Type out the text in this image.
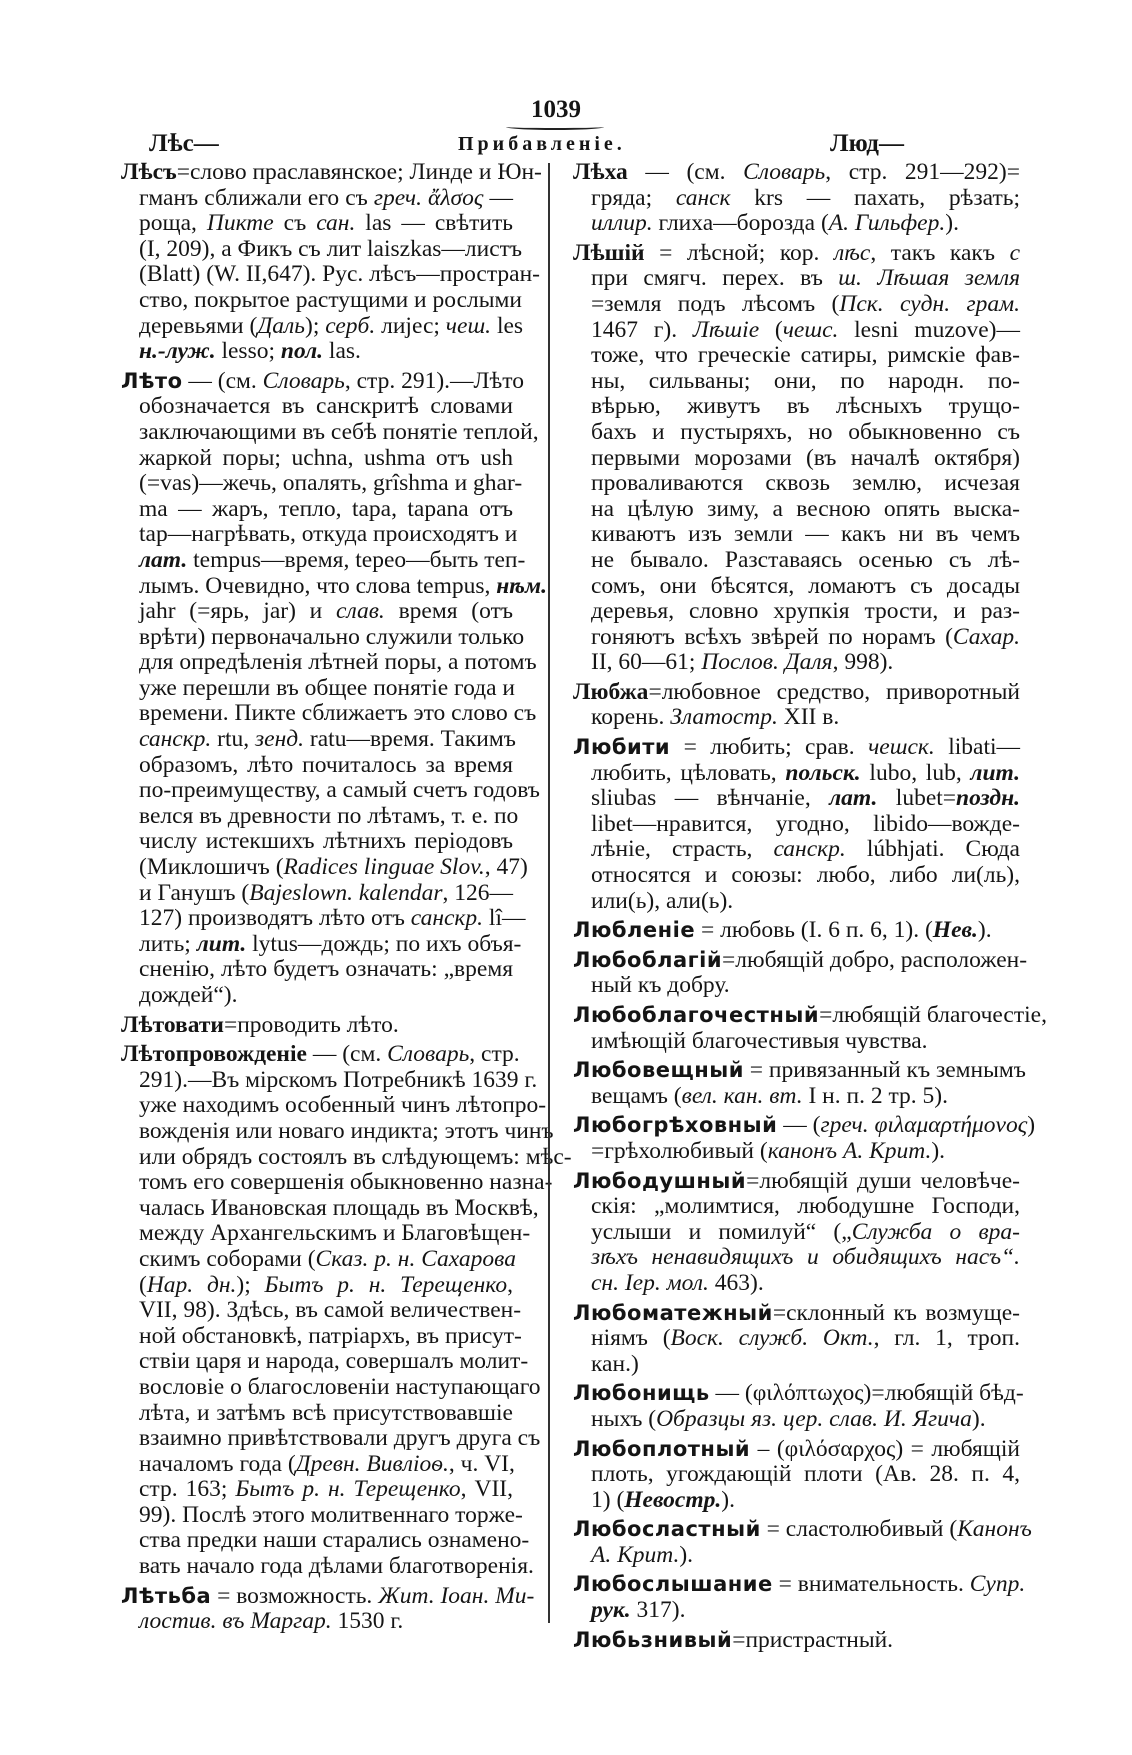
1039
Лѣс—	Прибавленіе.	Люд—
Лѣсъ=слово праславянское; Линде и Юн-
гманъ сближали его съ греч. ἄλσος —
роща, Пикте съ сан. las — свѣтить
(I, 209), а Фикъ съ лит laiszkas—листъ
(Blatt) (W. II,647). Рус. лѣсъ—простран-
ство, покрытое растущими и рослыми
деревьями (Даль); серб. лијес; чеш. les
н.-луж. lesso; пол. las.
Лѣто — (см. Словарь, стр. 291).—Лѣто
обозначается въ санскритѣ словами
заключающими въ себѣ понятіе теплой,
жаркой поры; uchna, ushma отъ ush
(=vas)—жечь, опалять, grîshma и ghar-
ma — жаръ, тепло, tapa, tapana отъ
tap—нагрѣвать, откуда происходятъ и
лат. tempus—время, tepeo—быть теп-
лымъ. Очевидно, что слова tempus, нѣм.
jahr (=ярь, jar) и слав. время (отъ
врѣти) первоначально служили только
для опредѣленія лѣтней поры, а потомъ
уже перешли въ общее понятіе года и
времени. Пикте сближаетъ это слово съ
санскр. rtu, зенд. ratu—время. Такимъ
образомъ, лѣто почиталось за время
по-преимуществу, а самый счетъ годовъ
велся въ древности по лѣтамъ, т. е. по
числу истекшихъ лѣтнихъ періодовъ
(Миклошичъ (Radices linguae Slov., 47)
и Ганушъ (Bajeslown. kalendar, 126—
127) производятъ лѣто отъ санскр. lî—
лить; лит. lytus—дождь; по ихъ объя-
сненію, лѣто будетъ означать: „время
дождей“).
Лѣтовати=проводить лѣто.
Лѣтопровожденіе — (см. Словарь, стр.
291).—Въ мірскомъ Потребникѣ 1639 г.
уже находимъ особенный чинъ лѣтопро-
вожденія или новаго индикта; этотъ чинъ
или обрядъ состоялъ въ слѣдующемъ: мѣс-
томъ его совершенія обыкновенно назна-
чалась Ивановская площадь въ Москвѣ,
между Архангельскимъ и Благовѣщен-
скимъ соборами (Сказ. р. н. Сахарова
(Нар. дн.); Бытъ р. н. Терещенко,
VII, 98). Здѣсь, въ самой величествен-
ной обстановкѣ, патріархъ, въ присут-
ствіи царя и народа, совершалъ молит-
вословіе о благословеніи наступающаго
лѣта, и затѣмъ всѣ присутствовавшіе
взаимно привѣтствовали другъ друга съ
началомъ года (Древн. Вивліоѳ., ч. VI,
стр. 163; Бытъ р. н. Терещенко, VII,
99). Послѣ этого молитвеннаго торже-
ства предки наши старались ознамено-
вать начало года дѣлами благотворенія.
Лѣтьба = возможность. Жит. Іоан. Ми-
лостив. въ Маргар. 1530 г.
Лѣха — (см. Словарь, стр. 291—292)=
гряда; санск krs — пахать, рѣзать;
иллир. глиха—борозда (А. Гильфер.).
Лѣшій = лѣсной; кор. лѣс, такъ какъ с
при смягч. перех. въ ш. Лѣшая земля
=земля подъ лѣсомъ (Пск. судн. грам.
1467 г). Лѣшіе (чешс. lesni muzove)—
тоже, что греческіе сатиры, римскіе фав-
ны, сильваны; они, по народн. по-
вѣрью, живутъ въ лѣсныхъ трущо-
бахъ и пустыряхъ, но обыкновенно съ
первыми морозами (въ началѣ октября)
проваливаются сквозь землю, исчезая
на цѣлую зиму, а весною опять выска-
киваютъ изъ земли — какъ ни въ чемъ
не бывало. Разставаясь осенью съ лѣ-
сомъ, они бѣсятся, ломаютъ съ досады
деревья, словно хрупкія трости, и раз-
гоняютъ всѣхъ звѣрей по норамъ (Сахар.
II, 60—61; Послов. Даля, 998).
Любжа=любовное средство, приворотный
корень. Златостр. XII в.
Любити = любить; срав. чешск. libati—
любить, цѣловать, польск. lubo, lub, лит.
sliubas — вѣнчаніе, лат. lubet=поздн.
libet—нравится, угодно, libido—вожде-
лѣніе, страсть, санскр. lúbhjati. Сюда
относятся и союзы: любо, либо ли(ль),
или(ь), али(ь).
Любленіе = любовь (I. 6 п. 6, 1). (Нев.).
Любоблагій=любящій добро, расположен-
ный къ добру.
Любоблагочестный=любящій благочестіе,
имѣющій благочестивыя чувства.
Любовещный = привязанный къ земнымъ
вещамъ (вел. кан. вт. I н. п. 2 тр. 5).
Любогрѣховный — (греч. φιλαμαρτήμονος)
=грѣхолюбивый (канонъ А. Крит.).
Любодушный=любящій души человѣче-
скія: „молимтися, любодушне Господи,
услыши и помилуй“ („Служба о вра-
зѣхъ ненавидящихъ и обидящихъ насъ“.
сн. Іер. мол. 463).
Любоматежный=склонный къ возмуще-
ніямъ (Воск. служб. Окт., гл. 1, троп.
кан.)
Любонищь — (φιλόπτωχος)=любящій бѣд-
ныхъ (Образцы яз. цер. слав. И. Ягича).
Любоплотный – (φιλόσαρχος) = любящій
плоть, угождающій плоти (Ав. 28. п. 4,
1) (Невостр.).
Любосластный = сластолюбивый (Канонъ
А. Крит.).
Любослышание = внимательность. Супр.
рук. 317).
Любьзнивый=пристрастный.
